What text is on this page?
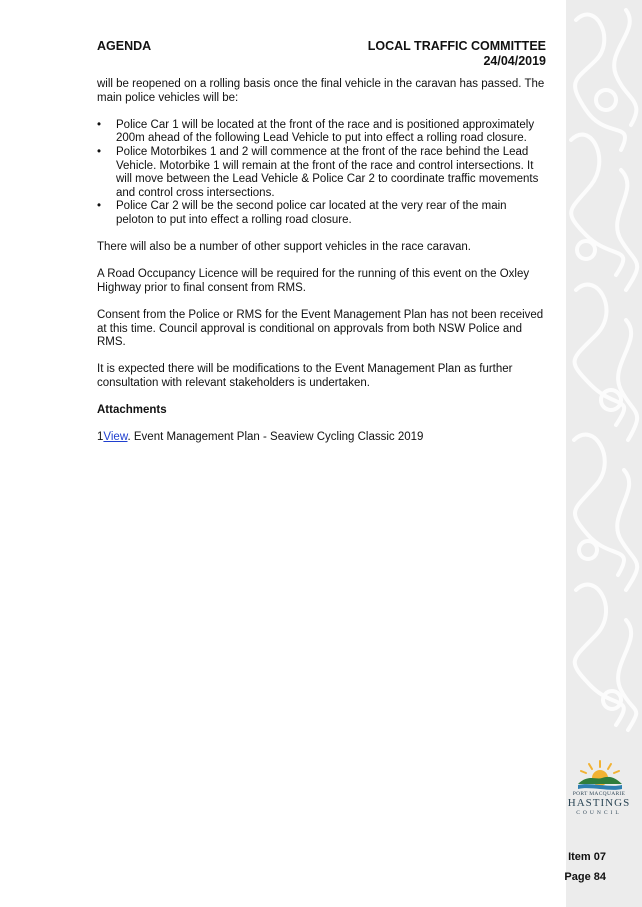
AGENDA	LOCAL TRAFFIC COMMITTEE
24/04/2019

will be reopened on a rolling basis once the final vehicle in the caravan has passed. The main police vehicles will be:

• Police Car 1 will be located at the front of the race and is positioned approximately 200m ahead of the following Lead Vehicle to put into effect a rolling road closure.
• Police Motorbikes 1 and 2 will commence at the front of the race behind the Lead Vehicle. Motorbike 1 will remain at the front of the race and control intersections. It will move between the Lead Vehicle & Police Car 2 to coordinate traffic movements and control cross intersections.
• Police Car 2 will be the second police car located at the very rear of the main peloton to put into effect a rolling road closure.

There will also be a number of other support vehicles in the race caravan.

A Road Occupancy Licence will be required for the running of this event on the Oxley Highway prior to final consent from RMS.

Consent from the Police or RMS for the Event Management Plan has not been received at this time. Council approval is conditional on approvals from both NSW Police and RMS.

It is expected there will be modifications to the Event Management Plan as further consultation with relevant stakeholders is undertaken.

Attachments

1View. Event Management Plan - Seaview Cycling Classic 2019

PORT MACQUARIE
HASTINGS
COUNCIL
Item 07
Page 84
